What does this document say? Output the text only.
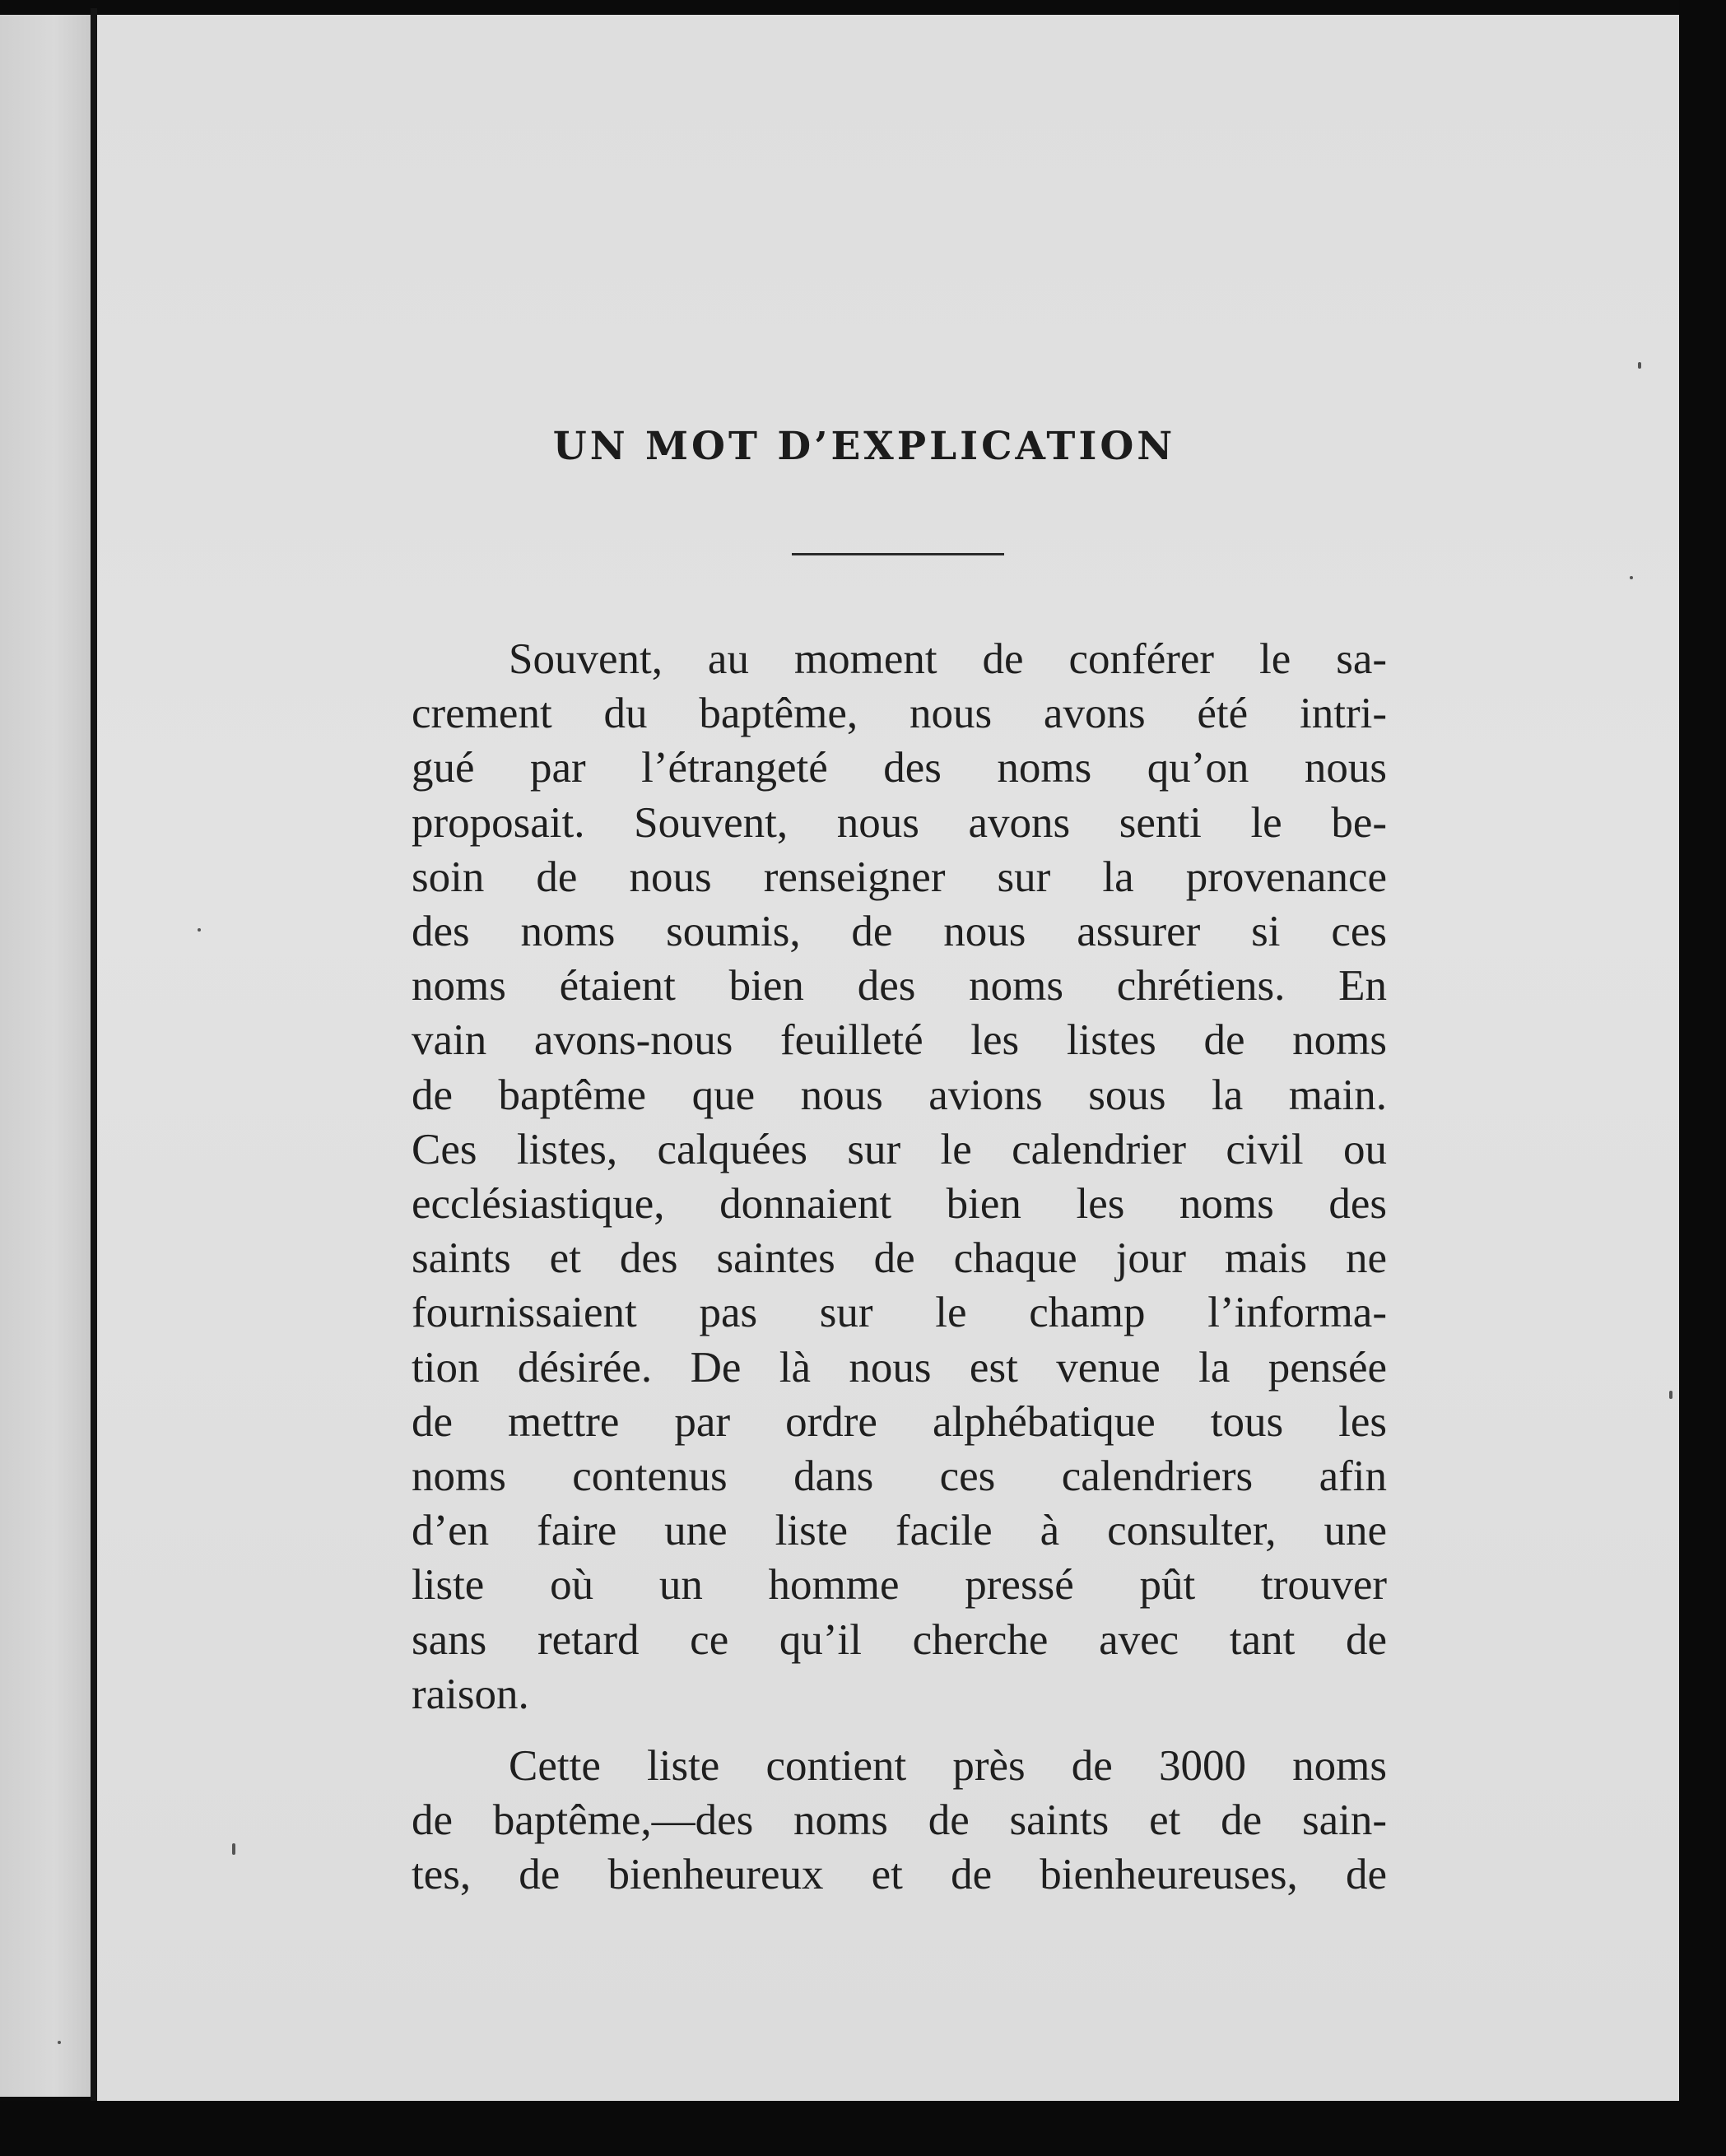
UN MOT D’EXPLICATION

Souvent, au moment de conférer le sa-
crement du baptême, nous avons été intri-
gué par l’étrangeté des noms qu’on nous
proposait. Souvent, nous avons senti le be-
soin de nous renseigner sur la provenance
des noms soumis, de nous assurer si ces
noms étaient bien des noms chrétiens. En
vain avons-nous feuilleté les listes de noms
de baptême que nous avions sous la main.
Ces listes, calquées sur le calendrier civil ou
ecclésiastique, donnaient bien les noms des
saints et des saintes de chaque jour mais ne
fournissaient pas sur le champ l’informa-
tion désirée. De là nous est venue la pensée
de mettre par ordre alphébatique tous les
noms contenus dans ces calendriers afin
d’en faire une liste facile à consulter, une
liste où un homme pressé pût trouver
sans retard ce qu’il cherche avec tant de
raison.

Cette liste contient près de 3000 noms
de baptême,—des noms de saints et de sain-
tes, de bienheureux et de bienheureuses, de
